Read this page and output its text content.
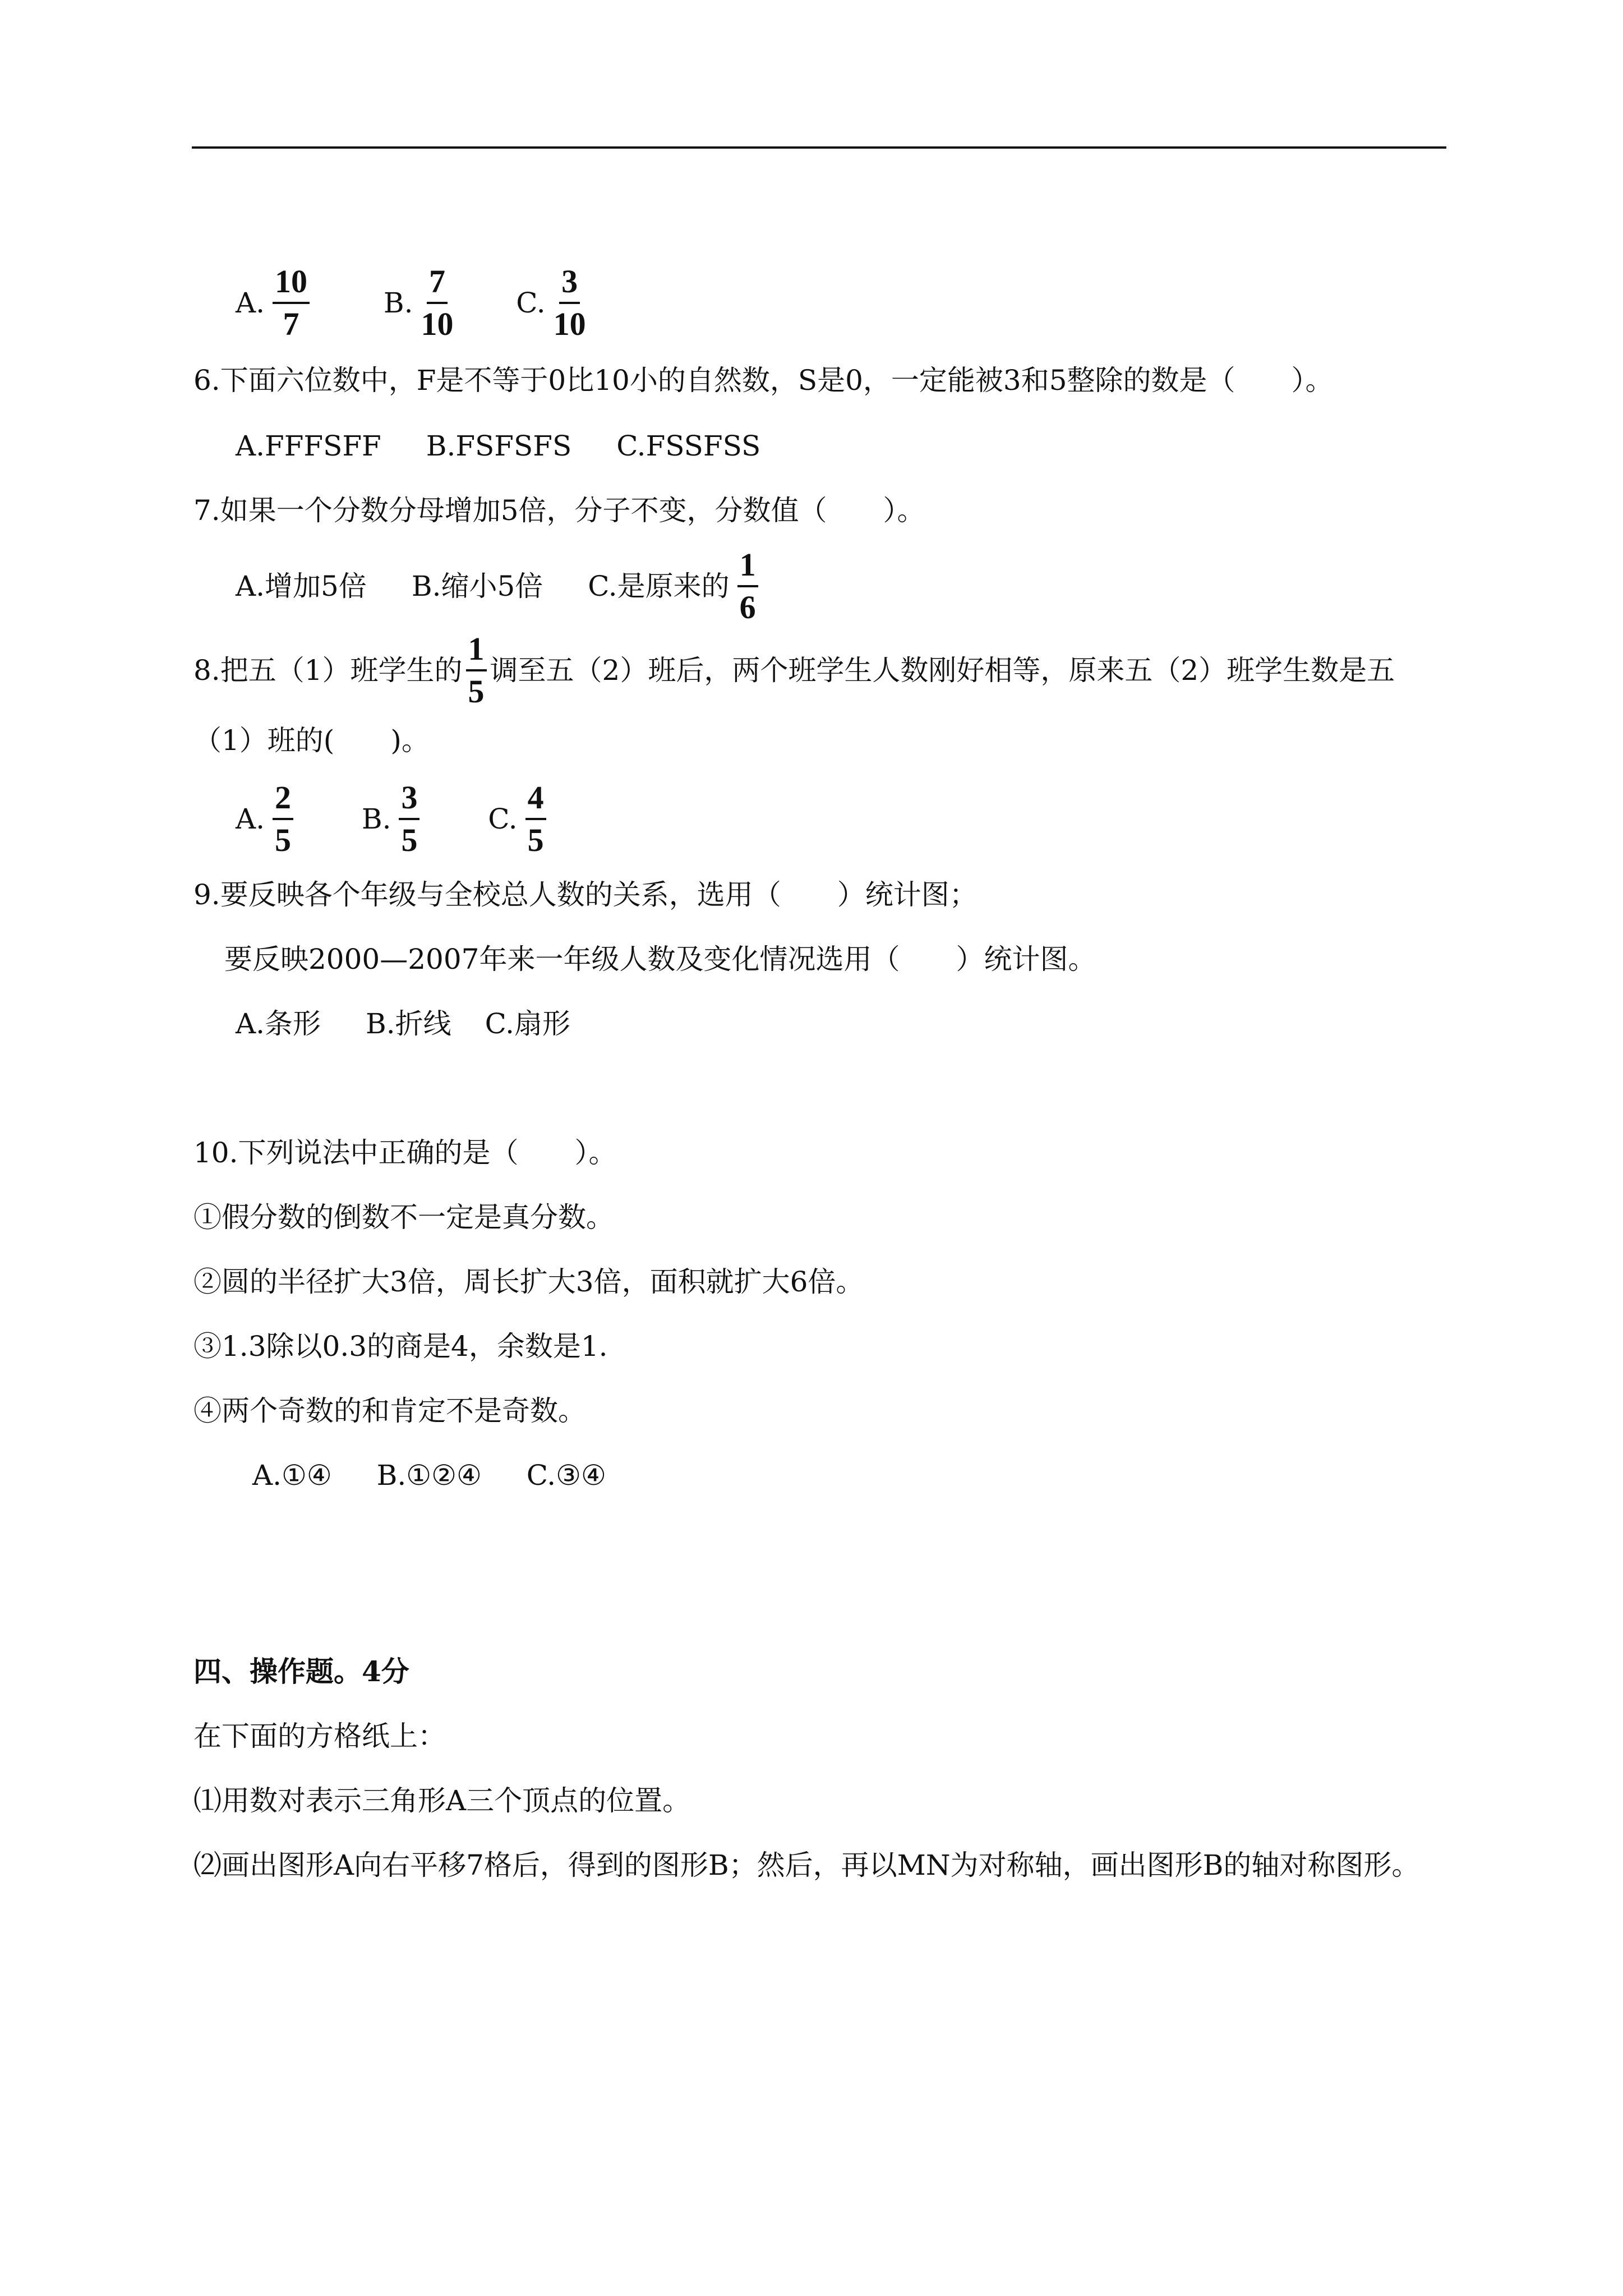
A. $\frac{10}{7}$	B. $\frac{7}{10} C$. $\frac{3}{10}$
6.下面六位数中，F是不等于0比10小的自然数，S是0，一定能被3和5整除的数是（　　）。
A.FFFSFF B.FSFSFS C.FSSFSS
7.如果一个分数分母增加5倍，分子不变，分数值（　　）。
A.增加5倍 B.缩小5倍 C.是原来的 $\frac{1}{6}$
8.把五（1）班学生的 $\frac{1}{5}$ 调至五（2）班后，两个班学生人数刚好相等，原来五（2）班学生数是五
（1）班的(　　)。
A. $\frac{2}{5} B$. $\frac{3}{5} C$. $\frac{4}{5}$
9.要反映各个年级与全校总人数的关系，选用（　　）统计图；
要反映2000—2007年来一年级人数及变化情况选用（　　）统计图。
A.条形 B.折线 C.扇形
10.下列说法中正确的是（　　）。
①假分数的倒数不一定是真分数。
②圆的半径扩大3倍，周长扩大3倍，面积就扩大6倍。
③1.3除以0.3的商是4，余数是1.
④两个奇数的和肯定不是奇数。
A.①④ B.①②④ C.③④
四、操作题。4分
在下面的方格纸上：
⑴用数对表示三角形A三个顶点的位置。
⑵画出图形A向右平移7格后，得到的图形B；然后，再以MN为对称轴，画出图形B的轴对称图形。
